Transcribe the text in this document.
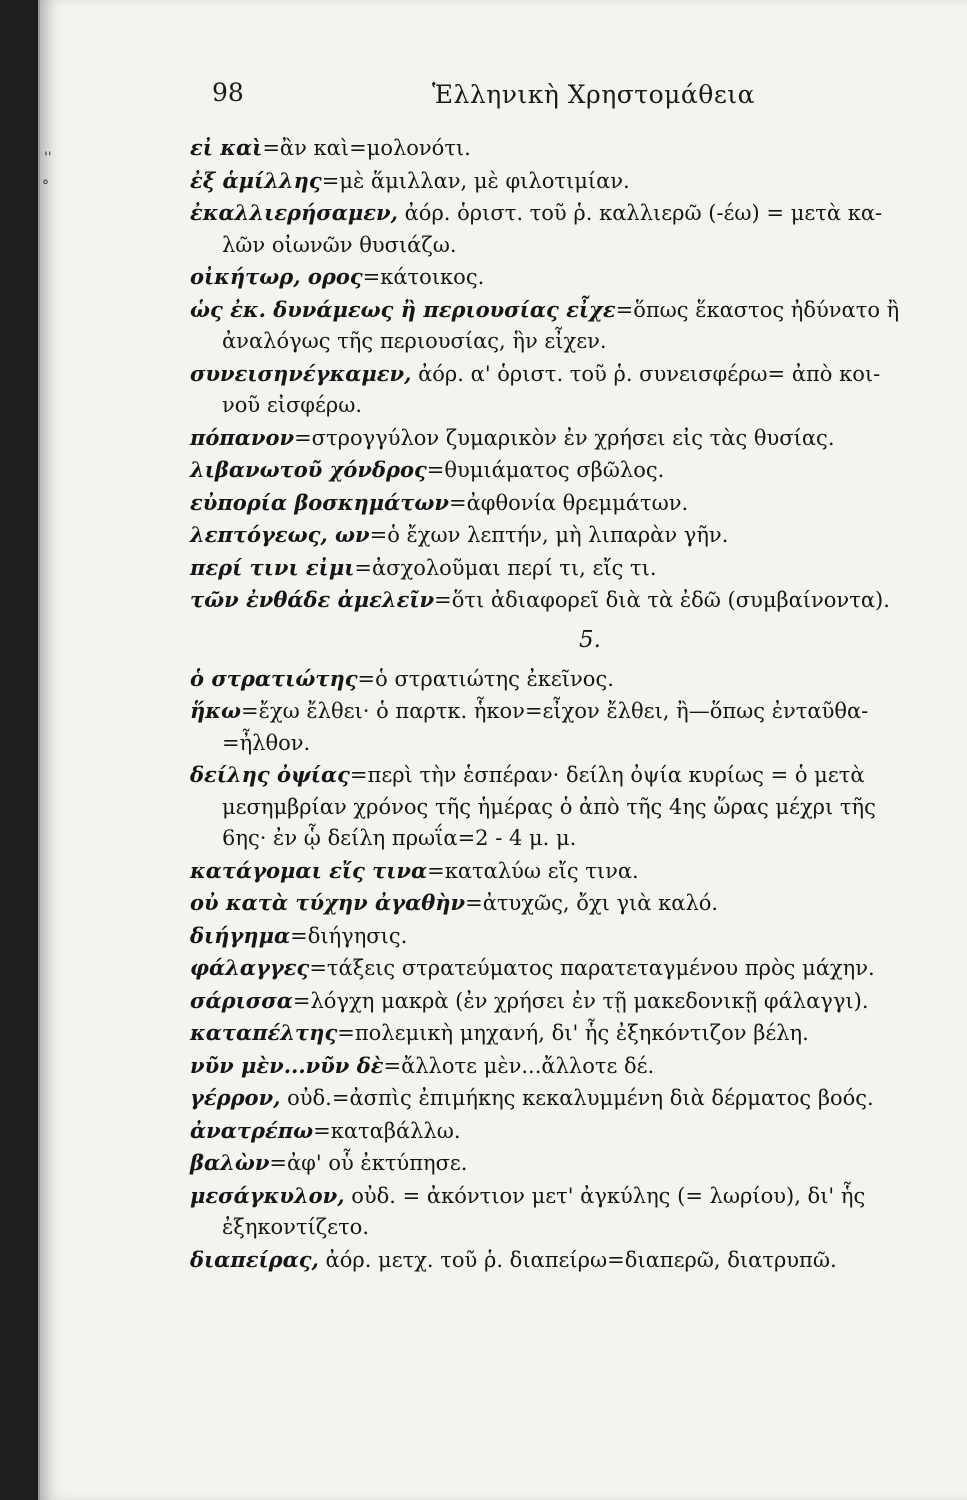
''
°
98	Ἑλληνικὴ Χρηστομάθεια
εἰ καὶ=ἂν καὶ=μολονότι.
ἐξ ἁμίλλης=μὲ ἅμιλλαν, μὲ φιλοτιμίαν.
ἐκαλλιερήσαμεν, ἀόρ. ὁριστ. τοῦ ῥ. καλλιερῶ (-έω) = μετὰ κα-
λῶν οἰωνῶν θυσιάζω.
οἰκήτωρ, ορος=κάτοικος.
ὡς ἐκ. δυνάμεως ἢ περιουσίας εἶχε=ὅπως ἕκαστος ἠδύνατο ἢ
ἀναλόγως τῆς περιουσίας, ἣν εἶχεν.
συνεισηνέγκαμεν, ἀόρ. α' ὁριστ. τοῦ ῥ. συνεισφέρω= ἀπὸ κοι-
νοῦ εἰσφέρω.
πόπανον=στρογγύλον ζυμαρικὸν ἐν χρήσει εἰς τὰς θυσίας.
λιβανωτοῦ χόνδρος=θυμιάματος σβῶλος.
εὐπορία βοσκημάτων=ἀφθονία θρεμμάτων.
λεπτόγεως, ων=ὁ ἔχων λεπτήν, μὴ λιπαρὰν γῆν.
περί τινι εἰμι=ἀσχολοῦμαι περί τι, εἴς τι.
τῶν ἐνθάδε ἀμελεῖν=ὅτι ἀδιαφορεῖ διὰ τὰ ἐδῶ (συμβαίνοντα).
5.
ὁ στρατιώτης=ὁ στρατιώτης ἐκεῖνος.
ἥκω=ἔχω ἔλθει· ὁ παρτκ. ἧκον=εἶχον ἔλθει, ἢ—ὅπως ἐνταῦθα-
=ἦλθον.
δείλης ὀψίας=περὶ τὴν ἑσπέραν· δείλη ὀψία κυρίως = ὁ μετὰ
μεσημβρίαν χρόνος τῆς ἡμέρας ὁ ἀπὸ τῆς 4ης ὥρας μέχρι τῆς
6ης· ἐν ᾧ δείλη πρωΐα=2 - 4 μ. μ.
κατάγομαι εἴς τινα=καταλύω εἴς τινα.
οὐ κατὰ τύχην ἀγαθὴν=ἀτυχῶς, ὄχι γιὰ καλό.
διήγημα=διήγησις.
φάλαγγες=τάξεις στρατεύματος παρατεταγμένου πρὸς μάχην.
σάρισσα=λόγχη μακρὰ (ἐν χρήσει ἐν τῇ μακεδονικῇ φάλαγγι).
καταπέλτης=πολεμικὴ μηχανή, δι' ἧς ἐξηκόντιζον βέλη.
νῦν μὲν...νῦν δὲ=ἄλλοτε μὲν...ἄλλοτε δέ.
γέρρον, οὐδ.=ἀσπὶς ἐπιμήκης κεκαλυμμένη διὰ δέρματος βοός.
ἀνατρέπω=καταβάλλω.
βαλὼν=ἀφ' οὗ ἐκτύπησε.
μεσάγκυλον, οὐδ. = ἀκόντιον μετ' ἀγκύλης (= λωρίου), δι' ἧς
ἐξηκοντίζετο.
διαπείρας, ἀόρ. μετχ. τοῦ ῥ. διαπείρω=διαπερῶ, διατρυπῶ.
